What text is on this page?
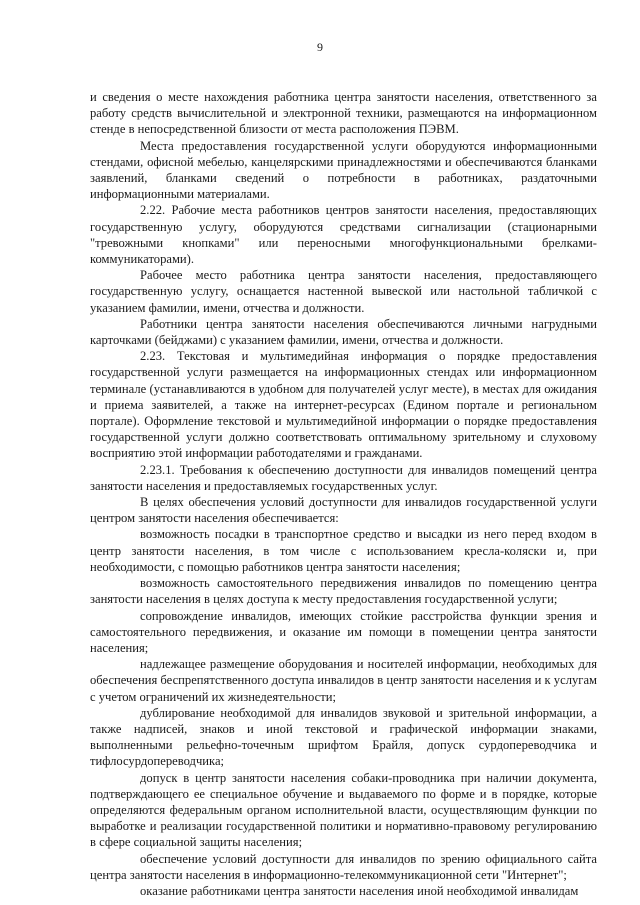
9

и сведения о месте нахождения работника центра занятости населения, ответственного за работу средств вычислительной и электронной техники, размещаются на информационном стенде в непосредственной близости от места расположения ПЭВМ.

Места предоставления государственной услуги оборудуются информационными стендами, офисной мебелью, канцелярскими принадлежностями и обеспечиваются бланками заявлений, бланками сведений о потребности в работниках, раздаточными информационными материалами.

2.22. Рабочие места работников центров занятости населения, предоставляющих государственную услугу, оборудуются средствами сигнализации (стационарными "тревожными кнопками" или переносными многофункциональными брелками-коммуникаторами).

Рабочее место работника центра занятости населения, предоставляющего государственную услугу, оснащается настенной вывеской или настольной табличкой с указанием фамилии, имени, отчества и должности.

Работники центра занятости населения обеспечиваются личными нагрудными карточками (бейджами) с указанием фамилии, имени, отчества и должности.

2.23. Текстовая и мультимедийная информация о порядке предоставления государственной услуги размещается на информационных стендах или информационном терминале (устанавливаются в удобном для получателей услуг месте), в местах для ожидания и приема заявителей, а также на интернет-ресурсах (Едином портале и региональном портале). Оформление текстовой и мультимедийной информации о порядке предоставления государственной услуги должно соответствовать оптимальному зрительному и слуховому восприятию этой информации работодателями и гражданами.

2.23.1. Требования к обеспечению доступности для инвалидов помещений центра занятости населения и предоставляемых государственных услуг.

В целях обеспечения условий доступности для инвалидов государственной услуги центром занятости населения обеспечивается:

возможность посадки в транспортное средство и высадки из него перед входом в центр занятости населения, в том числе с использованием кресла-коляски и, при необходимости, с помощью работников центра занятости населения;

возможность самостоятельного передвижения инвалидов по помещению центра занятости населения в целях доступа к месту предоставления государственной услуги;

сопровождение инвалидов, имеющих стойкие расстройства функции зрения и самостоятельного передвижения, и оказание им помощи в помещении центра занятости населения;

надлежащее размещение оборудования и носителей информации, необходимых для обеспечения беспрепятственного доступа инвалидов в центр занятости населения и к услугам с учетом ограничений их жизнедеятельности;

дублирование необходимой для инвалидов звуковой и зрительной информации, а также надписей, знаков и иной текстовой и графической информации знаками, выполненными рельефно-точечным шрифтом Брайля, допуск сурдопереводчика и тифлосурдопереводчика;

допуск в центр занятости населения собаки-проводника при наличии документа, подтверждающего ее специальное обучение и выдаваемого по форме и в порядке, которые определяются федеральным органом исполнительной власти, осуществляющим функции по выработке и реализации государственной политики и нормативно-правовому регулированию в сфере социальной защиты населения;

обеспечение условий доступности для инвалидов по зрению официального сайта центра занятости населения в информационно-телекоммуникационной сети "Интернет";

оказание работниками центра занятости населения иной необходимой инвалидам
